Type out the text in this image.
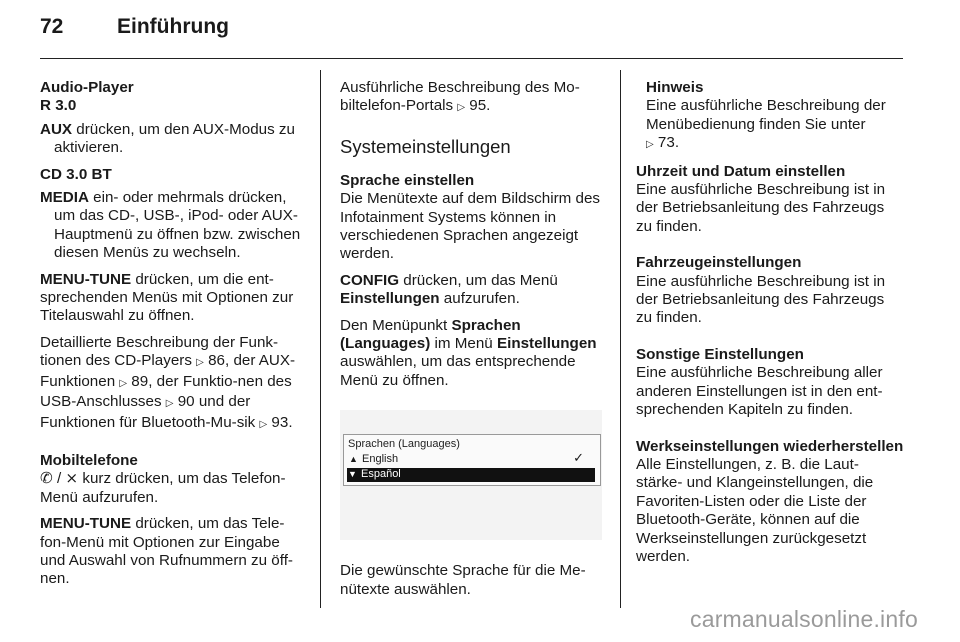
72	Einführung
Audio-Player
R 3.0

AUX drücken, um den AUX-Modus zu aktivieren.

CD 3.0 BT

MEDIA ein- oder mehrmals drücken, um das CD-, USB-, iPod- oder AUX-Hauptmenü zu öffnen bzw. zwischen diesen Menüs zu wechseln.

MENU-TUNE drücken, um die ent-sprechenden Menüs mit Optionen zur Titelauswahl zu öffnen.

Detaillierte Beschreibung der Funk-tionen des CD-Players ▷ 86, der AUX-Funktionen ▷ 89, der Funktio-nen des USB-Anschlusses ▷ 90 und der Funktionen für Bluetooth-Mu-sik ▷ 93.

Mobiltelefone

✆ / ⨯ kurz drücken, um das Telefon-Menü aufzurufen.

MENU-TUNE drücken, um das Tele-fon-Menü mit Optionen zur Eingabe und Auswahl von Rufnummern zu öff-nen.

Ausführliche Beschreibung des Mo-biltelefon-Portals ▷ 95.

Systemeinstellungen
Sprache einstellen

Die Menütexte auf dem Bildschirm des Infotainment Systems können in verschiedenen Sprachen angezeigt werden.

CONFIG drücken, um das Menü Einstellungen aufzurufen.

Den Menüpunkt Sprachen (Languages) im Menü Einstellungen auswählen, um das entsprechende Menü zu öffnen.

Sprachen (Languages)
▲ English	✓
▼ Español

Die gewünschte Sprache für die Me-nütexte auswählen.

Hinweis
Eine ausführliche Beschreibung der Menübedienung finden Sie unter
▷ 73.
Uhrzeit und Datum einstellen

Eine ausführliche Beschreibung ist in der Betriebsanleitung des Fahrzeugs zu finden.

Fahrzeugeinstellungen

Eine ausführliche Beschreibung ist in der Betriebsanleitung des Fahrzeugs zu finden.

Sonstige Einstellungen

Eine ausführliche Beschreibung aller anderen Einstellungen ist in den ent-sprechenden Kapiteln zu finden.

Werkseinstellungen wiederherstellen

Alle Einstellungen, z. B. die Laut-stärke- und Klangeinstellungen, die Favoriten-Listen oder die Liste der Bluetooth-Geräte, können auf die Werkseinstellungen zurückgesetzt werden.

carmanualsonline.info
